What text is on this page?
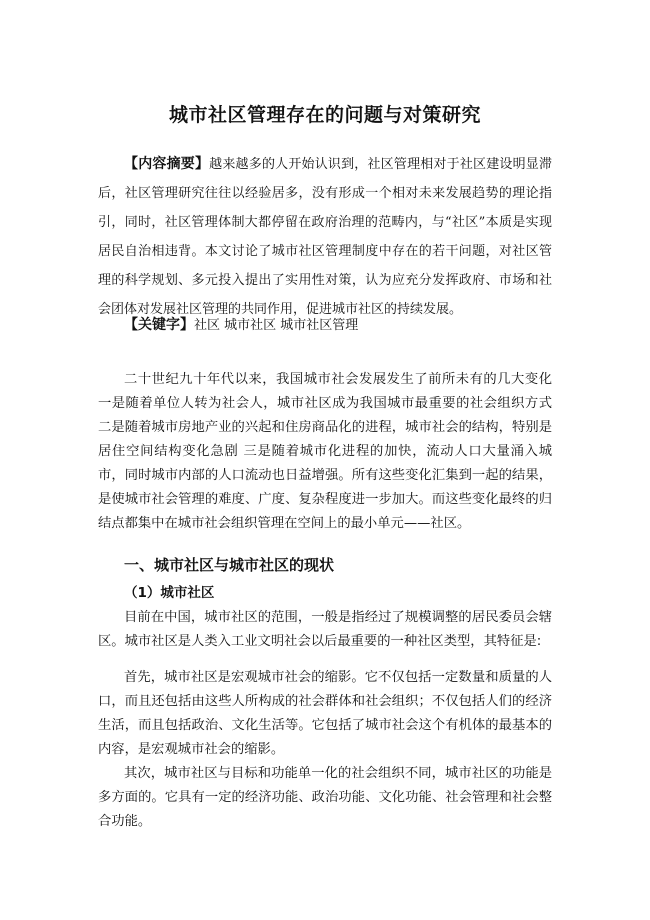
城市社区管理存在的问题与对策研究

【内容摘要】越来越多的人开始认识到，社区管理相对于社区建设明显滞后，社区管理研究往往以经验居多，没有形成一个相对未来发展趋势的理论指引，同时，社区管理体制大都停留在政府治理的范畴内，与“社区”本质是实现居民自治相违背。本文讨论了城市社区管理制度中存在的若干问题，对社区管理的科学规划、多元投入提出了实用性对策，认为应充分发挥政府、市场和社会团体对发展社区管理的共同作用，促进城市社区的持续发展。

【关键字】社区 城市社区 城市社区管理

二十世纪九十年代以来，我国城市社会发展发生了前所未有的几大变化 一是随着单位人转为社会人，城市社区成为我国城市最重要的社会组织方式 二是随着城市房地产业的兴起和住房商品化的进程，城市社会的结构，特别是居住空间结构变化急剧 三是随着城市化进程的加快，流动人口大量涌入城市，同时城市内部的人口流动也日益增强。所有这些变化汇集到一起的结果，是使城市社会管理的难度、广度、复杂程度进一步加大。而这些变化最终的归结点都集中在城市社会组织管理在空间上的最小单元——社区。

一、城市社区与城市社区的现状
（1）城市社区

目前在中国，城市社区的范围，一般是指经过了规模调整的居民委员会辖区。城市社区是人类入工业文明社会以后最重要的一种社区类型，其特征是:

首先，城市社区是宏观城市社会的缩影。它不仅包括一定数量和质量的人口，而且还包括由这些人所构成的社会群体和社会组织；不仅包括人们的经济生活，而且包括政治、文化生活等。它包括了城市社会这个有机体的最基本的内容，是宏观城市社会的缩影。

其次，城市社区与目标和功能单一化的社会组织不同，城市社区的功能是多方面的。它具有一定的经济功能、政治功能、文化功能、社会管理和社会整合功能。
